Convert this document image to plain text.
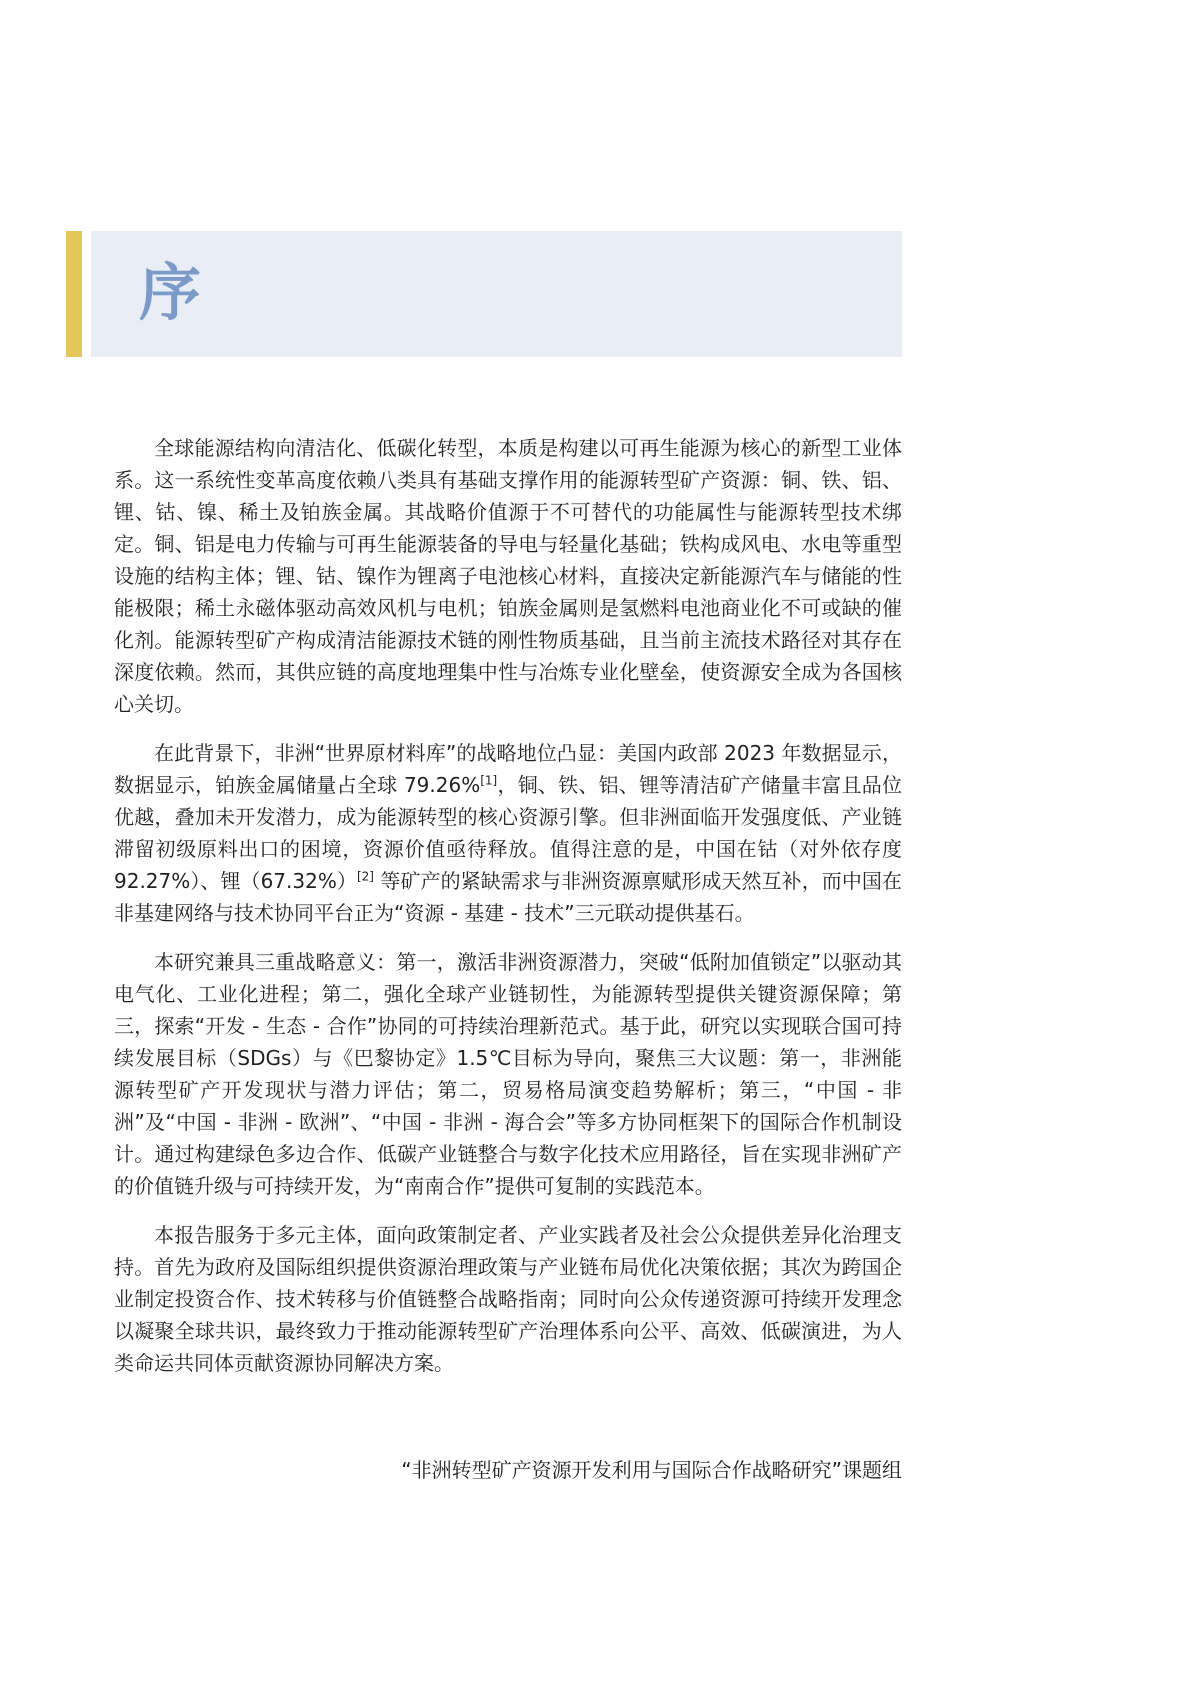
序

全球能源结构向清洁化、低碳化转型，本质是构建以可再生能源为核心的新型工业体系。这一系统性变革高度依赖八类具有基础支撑作用的能源转型矿产资源：铜、铁、铝、锂、钴、镍、稀土及铂族金属。其战略价值源于不可替代的功能属性与能源转型技术绑定。铜、铝是电力传输与可再生能源装备的导电与轻量化基础；铁构成风电、水电等重型设施的结构主体；锂、钴、镍作为锂离子电池核心材料，直接决定新能源汽车与储能的性能极限；稀土永磁体驱动高效风机与电机；铂族金属则是氢燃料电池商业化不可或缺的催化剂。能源转型矿产构成清洁能源技术链的刚性物质基础，且当前主流技术路径对其存在深度依赖。然而，其供应链的高度地理集中性与冶炼专业化壁垒，使资源安全成为各国核心关切。

在此背景下，非洲“世界原材料库”的战略地位凸显：美国内政部 2023 年数据显示，数据显示，铂族金属储量占全球 79.26%[1]，铜、铁、铝、锂等清洁矿产储量丰富且品位优越，叠加未开发潜力，成为能源转型的核心资源引擎。但非洲面临开发强度低、产业链滞留初级原料出口的困境，资源价值亟待释放。值得注意的是，中国在钴（对外依存度 92.27%）、锂（67.32%）[2] 等矿产的紧缺需求与非洲资源禀赋形成天然互补，而中国在非基建网络与技术协同平台正为“资源 - 基建 - 技术”三元联动提供基石。

本研究兼具三重战略意义：第一，激活非洲资源潜力，突破“低附加值锁定”以驱动其电气化、工业化进程；第二，强化全球产业链韧性，为能源转型提供关键资源保障；第三，探索“开发 - 生态 - 合作”协同的可持续治理新范式。基于此，研究以实现联合国可持续发展目标（SDGs）与《巴黎协定》1.5℃目标为导向，聚焦三大议题：第一，非洲能源转型矿产开发现状与潜力评估；第二，贸易格局演变趋势解析；第三，“中国 - 非洲”及“中国 - 非洲 - 欧洲”、“中国 - 非洲 - 海合会”等多方协同框架下的国际合作机制设计。通过构建绿色多边合作、低碳产业链整合与数字化技术应用路径，旨在实现非洲矿产的价值链升级与可持续开发，为“南南合作”提供可复制的实践范本。

本报告服务于多元主体，面向政策制定者、产业实践者及社会公众提供差异化治理支持。首先为政府及国际组织提供资源治理政策与产业链布局优化决策依据；其次为跨国企业制定投资合作、技术转移与价值链整合战略指南；同时向公众传递资源可持续开发理念以凝聚全球共识，最终致力于推动能源转型矿产治理体系向公平、高效、低碳演进，为人类命运共同体贡献资源协同解决方案。

“非洲转型矿产资源开发利用与国际合作战略研究”课题组
